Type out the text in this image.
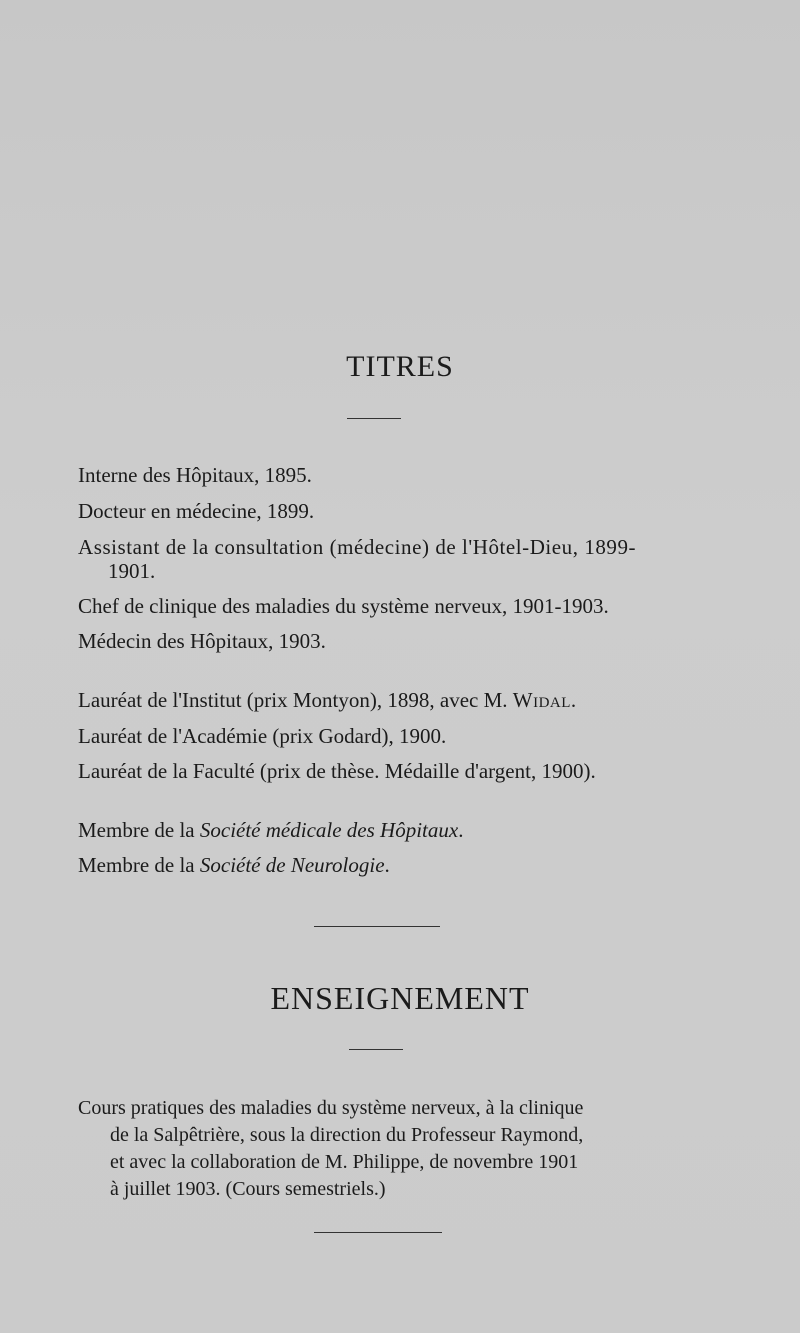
TITRES
Interne des Hôpitaux, 1895.
Docteur en médecine, 1899.
Assistant de la consultation (médecine) de l'Hôtel-Dieu, 1899-
1901.
Chef de clinique des maladies du système nerveux, 1901-1903.
Médecin des Hôpitaux, 1903.
Lauréat de l'Institut (prix Montyon), 1898, avec M. Widal.
Lauréat de l'Académie (prix Godard), 1900.
Lauréat de la Faculté (prix de thèse. Médaille d'argent, 1900).
Membre de la Société médicale des Hôpitaux.
Membre de la Société de Neurologie.
ENSEIGNEMENT
Cours pratiques des maladies du système nerveux, à la clinique
de la Salpêtrière, sous la direction du Professeur Raymond,
et avec la collaboration de M. Philippe, de novembre 1901
à juillet 1903. (Cours semestriels.)
